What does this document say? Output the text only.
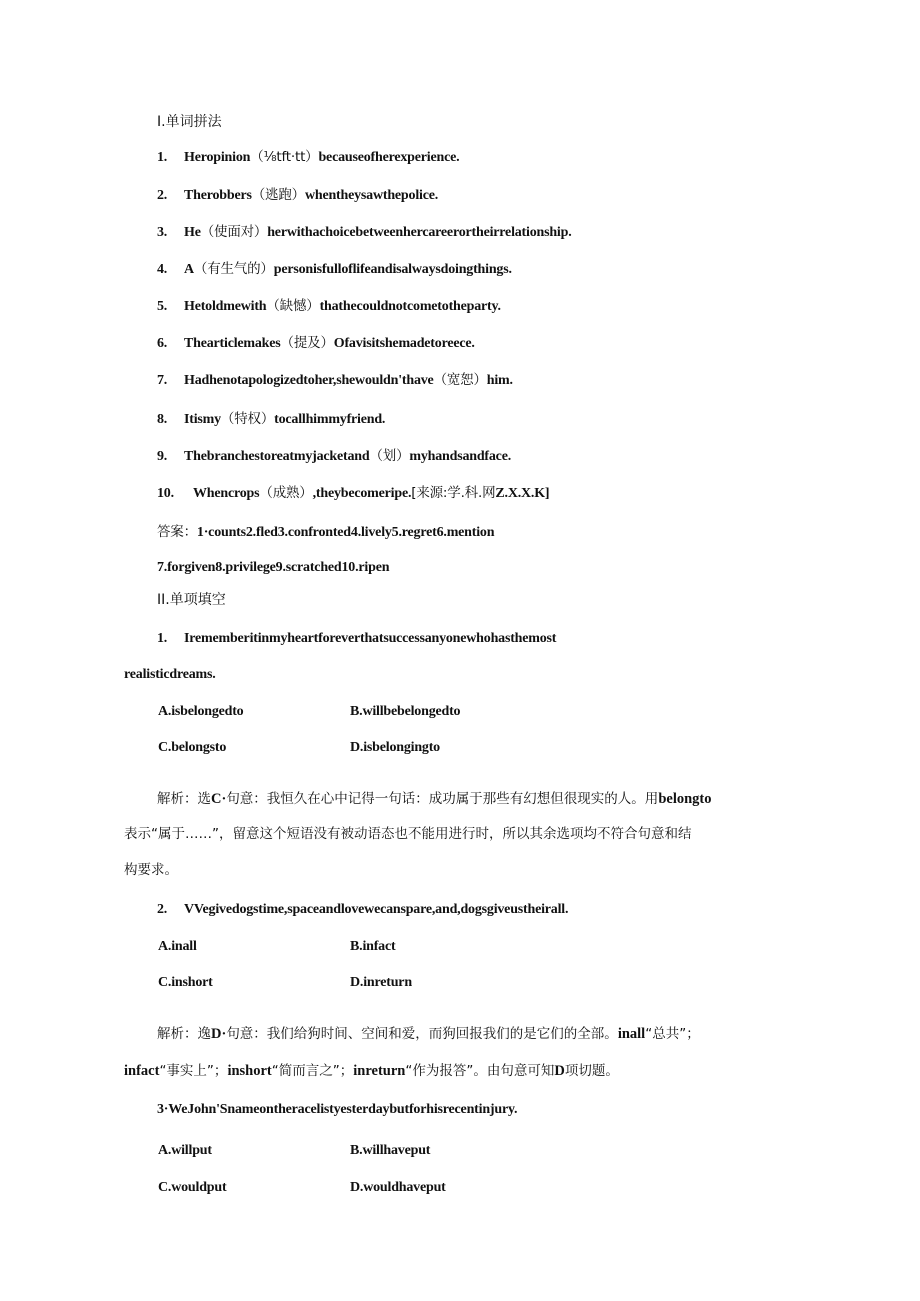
I.单词拼法
1. Heropinion（⅛tft·tt）becauseofherexperience.
2. Therobbers（逃跑）whentheysawthepolice.
3. He（使面对）herwithachoicebetweenhercareerortheirrelationship.
4. A（有生气的）personisfulloflifeandisalwaysdoingthings.
5. Hetoldmewith（缺憾）thathecouldnotcometotheparty.
6. Thearticlemakes（提及）Ofavisitshemadetoreece.
7. Hadhenotapologizedtoher,shewouldn'thave（宽恕）him.
8. Itismy（特权）tocallhimmyfriend.
9. Thebranchestoreatmyjacketand（划）myhandsandface.
10. Whencrops（成熟）,theybecomeripe.[来源:学.科.网Z.X.X.K]
答案：1·counts2.fled3.confronted4.lively5.regret6.mention
7.forgiven8.privilege9.scratched10.ripen
II.单项填空
1. Irememberitinmyheartforeverthatsuccessanyonewhohasthemost
realisticdreams.
A.isbelongedto	B.willbebelongedto
C.belongsto	D.isbelongingto
解析：选C·句意：我恒久在心中记得一句话：成功属于那些有幻想但很现实的人。用belongto
表示“属于……”，留意这个短语没有被动语态也不能用进行时，所以其余选项均不符合句意和结
构要求。
2. VVegivedogstime,spaceandlovewecanspare,and,dogsgiveustheirall.
A.inall	B.infact
C.inshort	D.inreturn
解析：逸D·句意：我们给狗时间、空间和爱，而狗回报我们的是它们的全部。inall“总共”；
infact“事实上”；inshort“简而言之”；inreturn“作为报答”。由句意可知D项切题。
3·WeJohn'Snameontheracelistyesterdaybutforhisrecentinjury.
A.willput	B.willhaveput
C.wouldput	D.wouldhaveput
